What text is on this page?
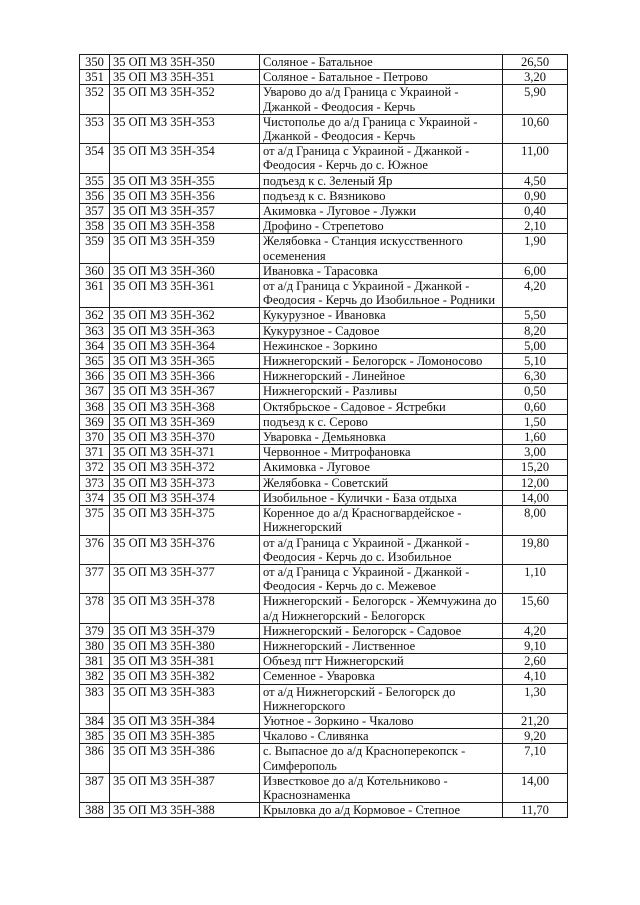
350	35 ОП МЗ 35Н-350	Соляное - Батальное	26,50
351	35 ОП МЗ 35Н-351	Соляное - Батальное - Петрово	3,20
352	35 ОП МЗ 35Н-352	Уварово до а/д Граница с Украиной - Джанкой - Феодосия - Керчь	5,90
353	35 ОП МЗ 35Н-353	Чистополье до а/д Граница с Украиной - Джанкой - Феодосия - Керчь	10,60
354	35 ОП МЗ 35Н-354	от а/д Граница с Украиной - Джанкой - Феодосия - Керчь до с. Южное	11,00
355	35 ОП МЗ 35Н-355	подъезд к с. Зеленый Яр	4,50
356	35 ОП МЗ 35Н-356	подъезд к с. Вязниково	0,90
357	35 ОП МЗ 35Н-357	Акимовка - Луговое - Лужки	0,40
358	35 ОП МЗ 35Н-358	Дрофино - Стрепетово	2,10
359	35 ОП МЗ 35Н-359	Желябовка - Станция искусственного осеменения	1,90
360	35 ОП МЗ 35Н-360	Ивановка - Тарасовка	6,00
361	35 ОП МЗ 35Н-361	от а/д Граница с Украиной - Джанкой - Феодосия - Керчь до Изобильное - Родники	4,20
362	35 ОП МЗ 35Н-362	Кукурузное - Ивановка	5,50
363	35 ОП МЗ 35Н-363	Кукурузное - Садовое	8,20
364	35 ОП МЗ 35Н-364	Нежинское - Зоркино	5,00
365	35 ОП МЗ 35Н-365	Нижнегорский - Белогорск - Ломоносово	5,10
366	35 ОП МЗ 35Н-366	Нижнегорский - Линейное	6,30
367	35 ОП МЗ 35Н-367	Нижнегорский - Разливы	0,50
368	35 ОП МЗ 35Н-368	Октябрьское - Садовое - Ястребки	0,60
369	35 ОП МЗ 35Н-369	подъезд к с. Серово	1,50
370	35 ОП МЗ 35Н-370	Уваровка - Демьяновка	1,60
371	35 ОП МЗ 35Н-371	Червонное - Митрофановка	3,00
372	35 ОП МЗ 35Н-372	Акимовка - Луговое	15,20
373	35 ОП МЗ 35Н-373	Желябовка - Советский	12,00
374	35 ОП МЗ 35Н-374	Изобильное - Кулички - База отдыха	14,00
375	35 ОП МЗ 35Н-375	Коренное до а/д Красногвардейское - Нижнегорский	8,00
376	35 ОП МЗ 35Н-376	от а/д Граница с Украиной - Джанкой - Феодосия - Керчь до с. Изобильное	19,80
377	35 ОП МЗ 35Н-377	от а/д Граница с Украиной - Джанкой - Феодосия - Керчь до с. Межевое	1,10
378	35 ОП МЗ 35Н-378	Нижнегорский - Белогорск - Жемчужина до а/д Нижнегорский - Белогорск	15,60
379	35 ОП МЗ 35Н-379	Нижнегорский - Белогорск - Садовое	4,20
380	35 ОП МЗ 35Н-380	Нижнегорский - Лиственное	9,10
381	35 ОП МЗ 35Н-381	Объезд пгт Нижнегорский	2,60
382	35 ОП МЗ 35Н-382	Семенное - Уваровка	4,10
383	35 ОП МЗ 35Н-383	от а/д Нижнегорский - Белогорск до Нижнегорского	1,30
384	35 ОП МЗ 35Н-384	Уютное - Зоркино - Чкалово	21,20
385	35 ОП МЗ 35Н-385	Чкалово - Сливянка	9,20
386	35 ОП МЗ 35Н-386	с. Выпасное до а/д Красноперекопск - Симферополь	7,10
387	35 ОП МЗ 35Н-387	Известковое до а/д Котельниково - Краснознаменка	14,00
388	35 ОП МЗ 35Н-388	Крыловка до а/д Кормовое - Степное	11,70
